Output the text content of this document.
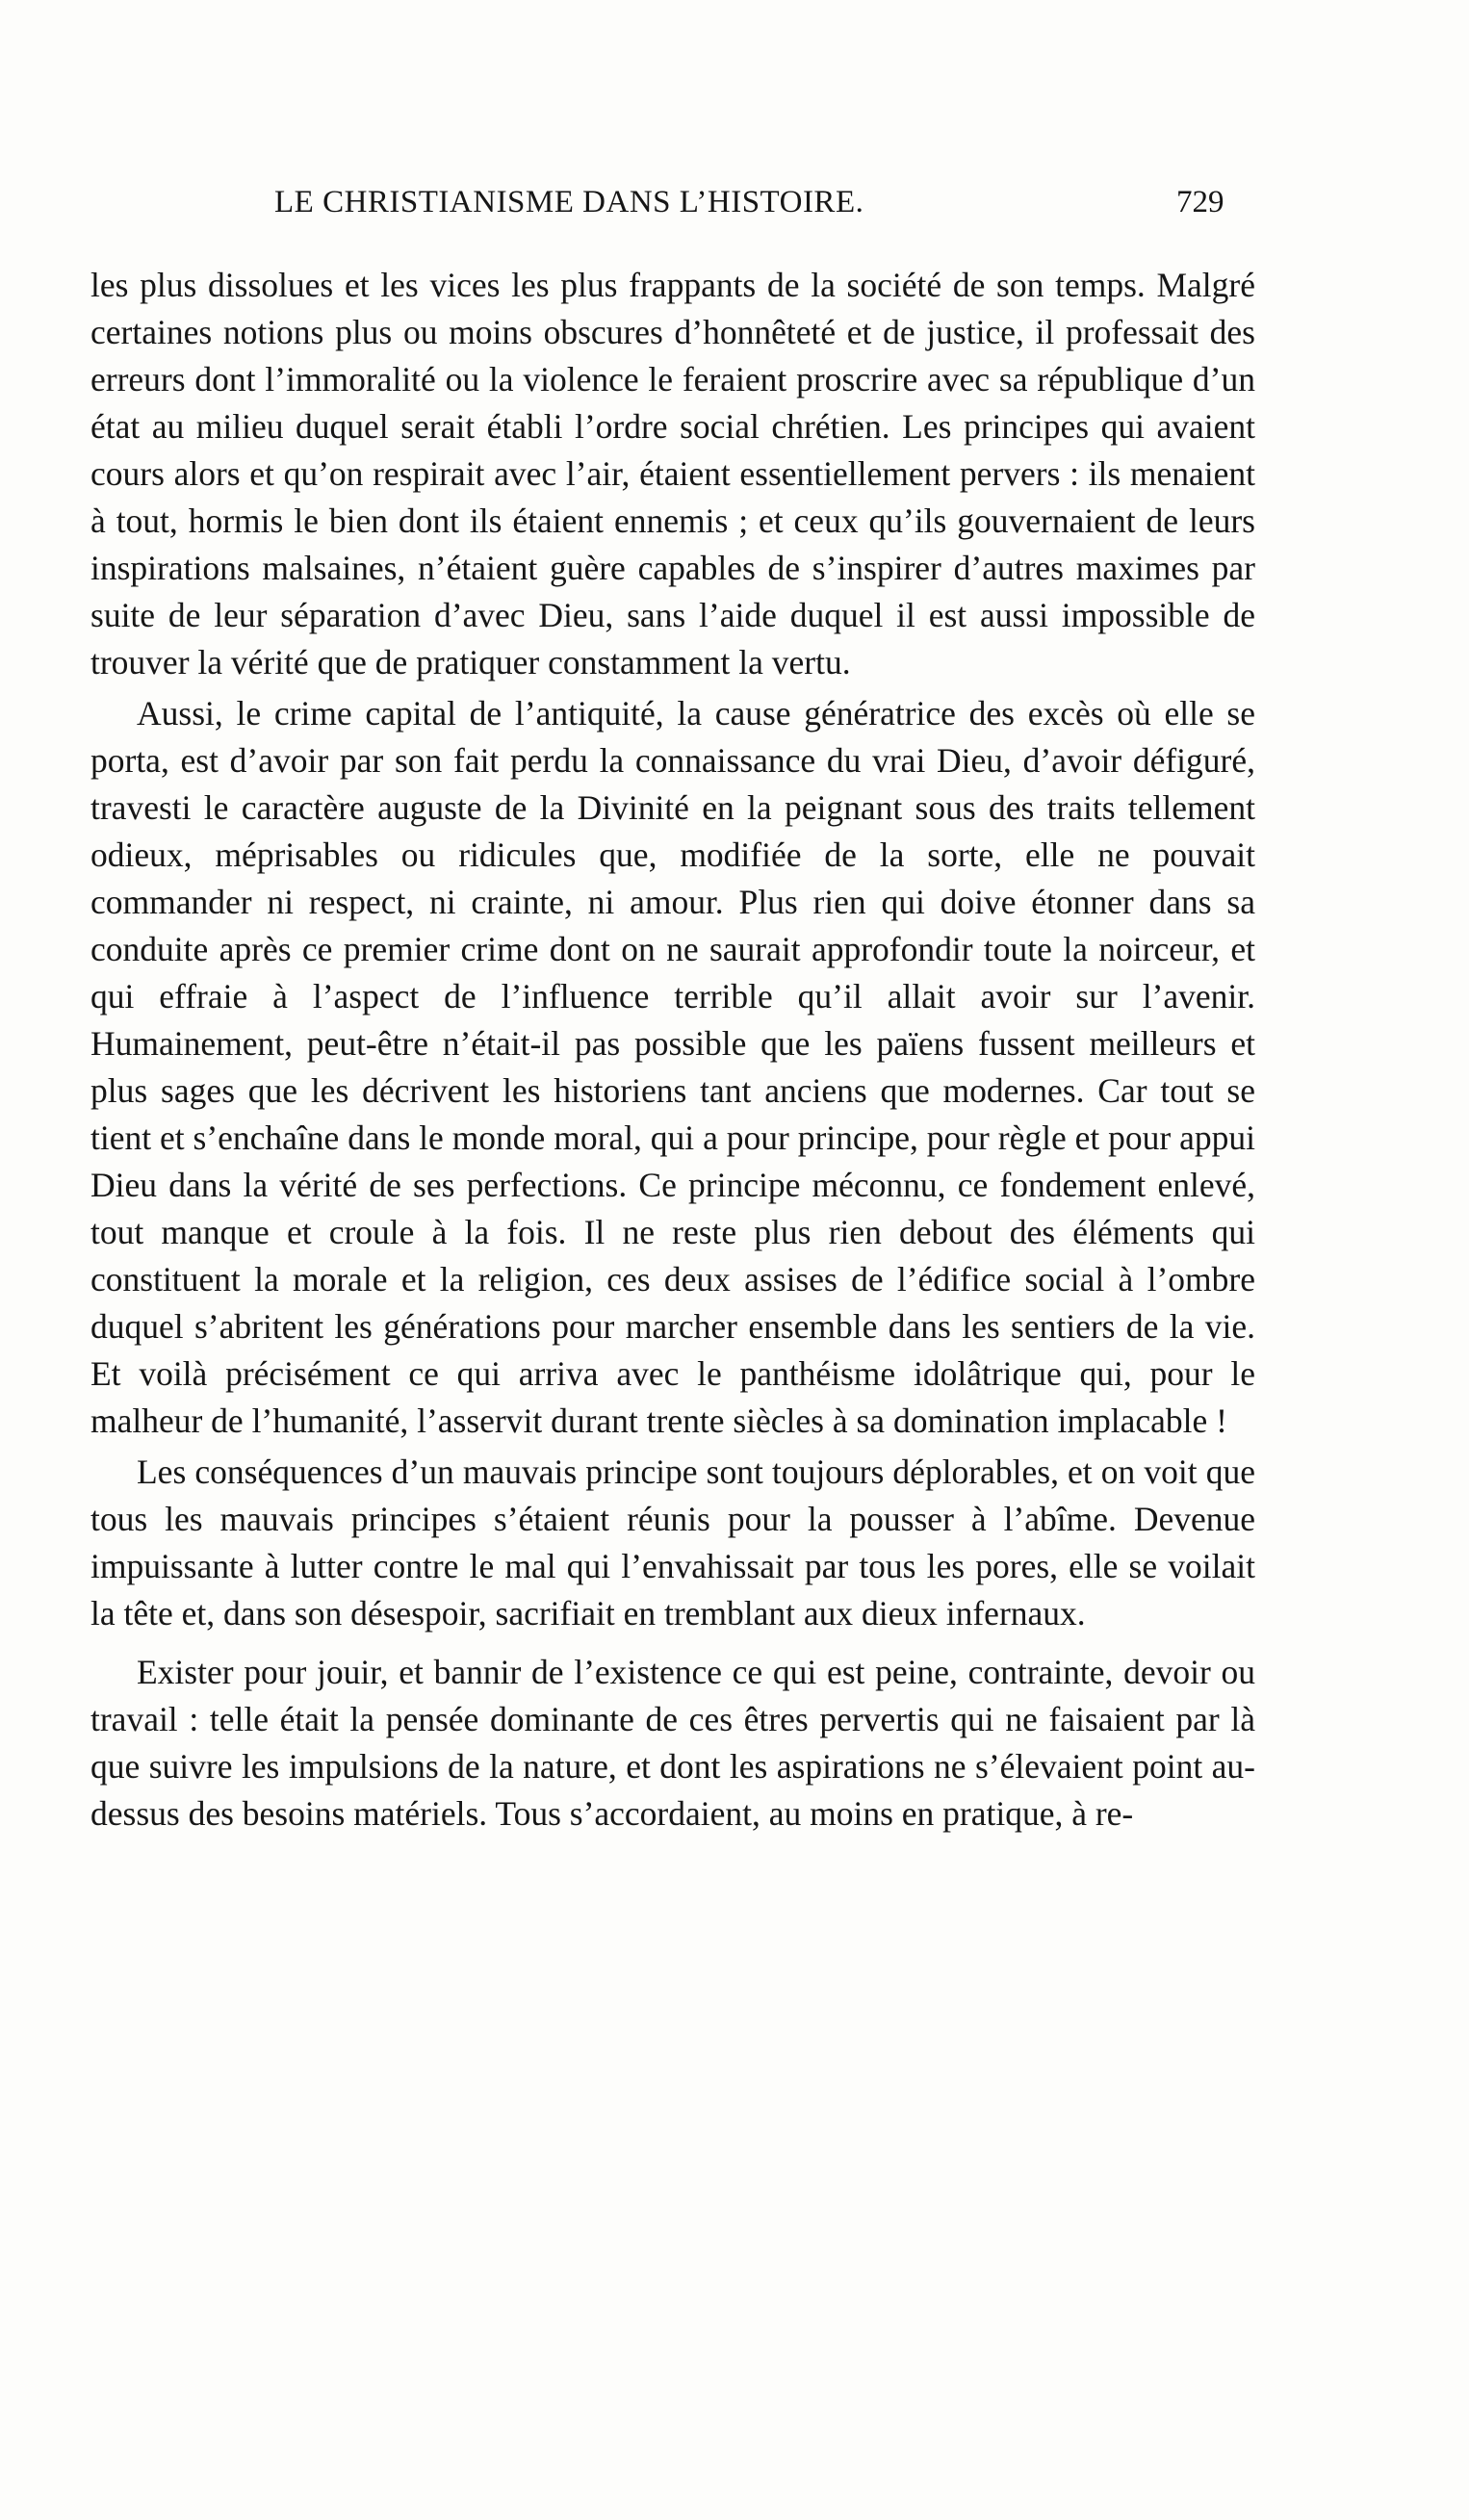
LE CHRISTIANISME DANS L’HISTOIRE.	729

les plus dissolues et les vices les plus frappants de la société de son temps. Malgré certaines notions plus ou moins obscures d’honnêteté et de justice, il professait des erreurs dont l’immoralité ou la violence le feraient proscrire avec sa république d’un état au milieu duquel serait établi l’ordre social chrétien. Les principes qui avaient cours alors et qu’on respirait avec l’air, étaient essentiellement pervers : ils menaient à tout, hormis le bien dont ils étaient ennemis ; et ceux qu’ils gouvernaient de leurs inspirations malsaines, n’étaient guère capables de s’inspirer d’autres maximes par suite de leur séparation d’avec Dieu, sans l’aide duquel il est aussi impossible de trouver la vérité que de pratiquer constamment la vertu.

Aussi, le crime capital de l’antiquité, la cause génératrice des excès où elle se porta, est d’avoir par son fait perdu la connaissance du vrai Dieu, d’avoir défiguré, travesti le caractère auguste de la Divinité en la peignant sous des traits tellement odieux, méprisables ou ridicules que, modifiée de la sorte, elle ne pouvait commander ni respect, ni crainte, ni amour. Plus rien qui doive étonner dans sa conduite après ce premier crime dont on ne saurait approfondir toute la noirceur, et qui effraie à l’aspect de l’influence terrible qu’il allait avoir sur l’avenir. Humainement, peut-être n’était-il pas possible que les païens fussent meilleurs et plus sages que les décrivent les historiens tant anciens que modernes. Car tout se tient et s’enchaîne dans le monde moral, qui a pour principe, pour règle et pour appui Dieu dans la vérité de ses perfections. Ce principe méconnu, ce fondement enlevé, tout manque et croule à la fois. Il ne reste plus rien debout des éléments qui constituent la morale et la religion, ces deux assises de l’édifice social à l’ombre duquel s’abritent les générations pour marcher ensemble dans les sentiers de la vie. Et voilà précisément ce qui arriva avec le panthéisme idolâtrique qui, pour le malheur de l’humanité, l’asservit durant trente siècles à sa domination implacable !

Les conséquences d’un mauvais principe sont toujours déplorables, et on voit que tous les mauvais principes s’étaient réunis pour la pousser à l’abîme. Devenue impuissante à lutter contre le mal qui l’envahissait par tous les pores, elle se voilait la tête et, dans son désespoir, sacrifiait en tremblant aux dieux infernaux.

Exister pour jouir, et bannir de l’existence ce qui est peine, contrainte, devoir ou travail : telle était la pensée dominante de ces êtres pervertis qui ne faisaient par là que suivre les impulsions de la nature, et dont les aspirations ne s’élevaient point au-dessus des besoins matériels. Tous s’accordaient, au moins en pratique, à re-
